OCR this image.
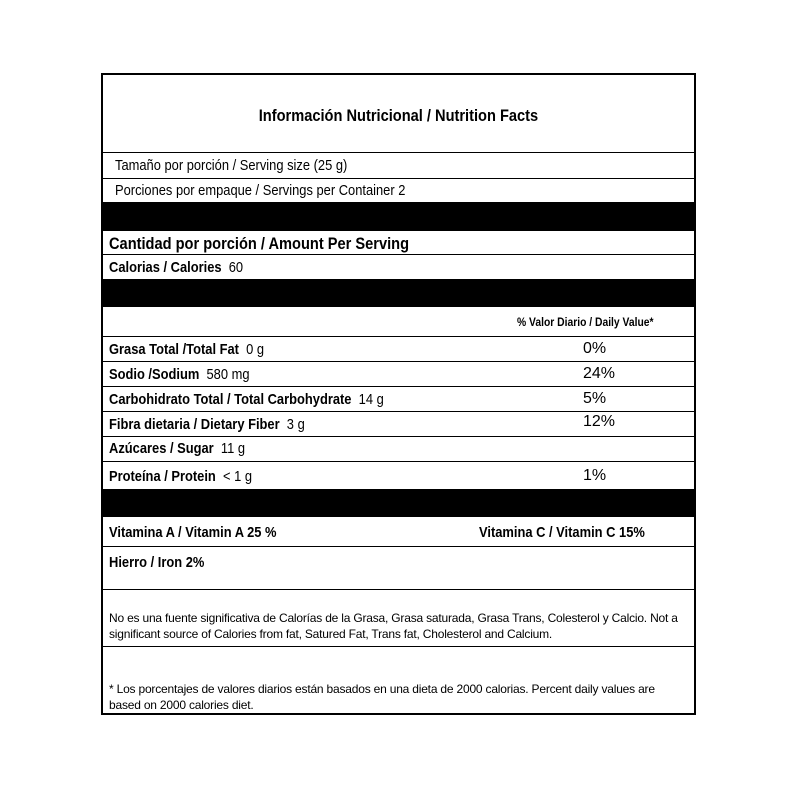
Información Nutricional / Nutrition Facts
Tamaño por porción / Serving size (25 g)
Porciones por empaque / Servings per Container 2
Cantidad por porción / Amount Per Serving
Calorias / Calories 60
% Valor Diario / Daily Value*
Grasa Total /Total Fat 0 g	0%
Sodio /Sodium 580 mg	24%
Carbohidrato Total / Total Carbohydrate 14 g	5%
Fibra dietaria / Dietary Fiber 3 g	12%
Azúcares / Sugar 11 g
Proteína / Protein < 1 g	1%
Vitamina A / Vitamin A 25 %	Vitamina C / Vitamin C 15%
Hierro / Iron 2%
No es una fuente significativa de Calorías de la Grasa, Grasa saturada, Grasa Trans, Colesterol y Calcio. Not a significant source of Calories from fat, Satured Fat, Trans fat, Cholesterol and Calcium.
* Los porcentajes de valores diarios están basados en una dieta de 2000 calorias. Percent daily values are based on 2000 calories diet.
